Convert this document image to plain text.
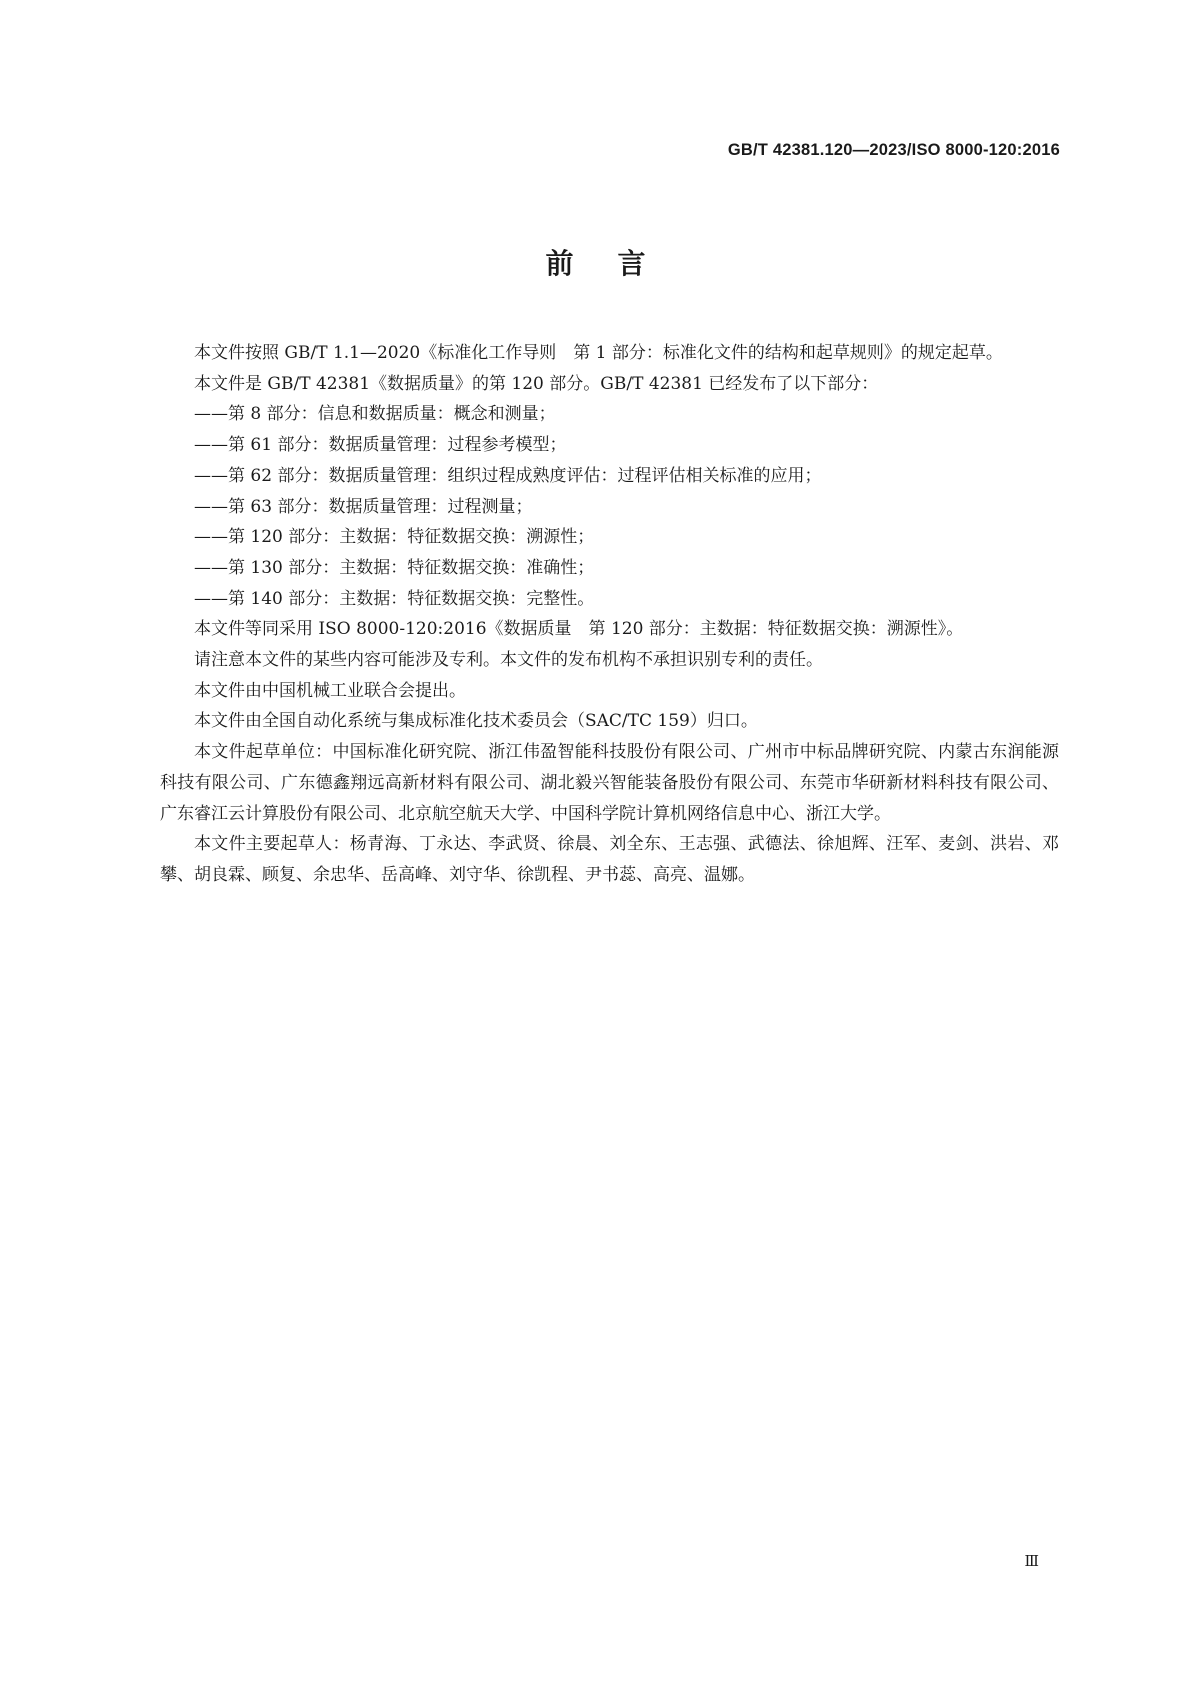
GB/T 42381.120—2023/ISO 8000-120:2016
前言

本文件按照 GB/T 1.1—2020《标准化工作导则　第 1 部分：标准化文件的结构和起草规则》的规定起草。

本文件是 GB/T 42381《数据质量》的第 120 部分。GB/T 42381 已经发布了以下部分：

——第 8 部分：信息和数据质量：概念和测量；

——第 61 部分：数据质量管理：过程参考模型；

——第 62 部分：数据质量管理：组织过程成熟度评估：过程评估相关标准的应用；

——第 63 部分：数据质量管理：过程测量；

——第 120 部分：主数据：特征数据交换：溯源性；

——第 130 部分：主数据：特征数据交换：准确性；

——第 140 部分：主数据：特征数据交换：完整性。

本文件等同采用 ISO 8000-120:2016《数据质量　第 120 部分：主数据：特征数据交换：溯源性》。

请注意本文件的某些内容可能涉及专利。本文件的发布机构不承担识别专利的责任。

本文件由中国机械工业联合会提出。

本文件由全国自动化系统与集成标准化技术委员会（SAC/TC 159）归口。

本文件起草单位：中国标准化研究院、浙江伟盈智能科技股份有限公司、广州市中标品牌研究院、内蒙古东润能源科技有限公司、广东德鑫翔远高新材料有限公司、湖北毅兴智能装备股份有限公司、东莞市华研新材料科技有限公司、广东睿江云计算股份有限公司、北京航空航天大学、中国科学院计算机网络信息中心、浙江大学。

本文件主要起草人：杨青海、丁永达、李武贤、徐晨、刘全东、王志强、武德法、徐旭辉、汪军、麦剑、洪岩、邓攀、胡良霖、顾复、余忠华、岳高峰、刘守华、徐凯程、尹书蕊、高亮、温娜。

Ⅲ
